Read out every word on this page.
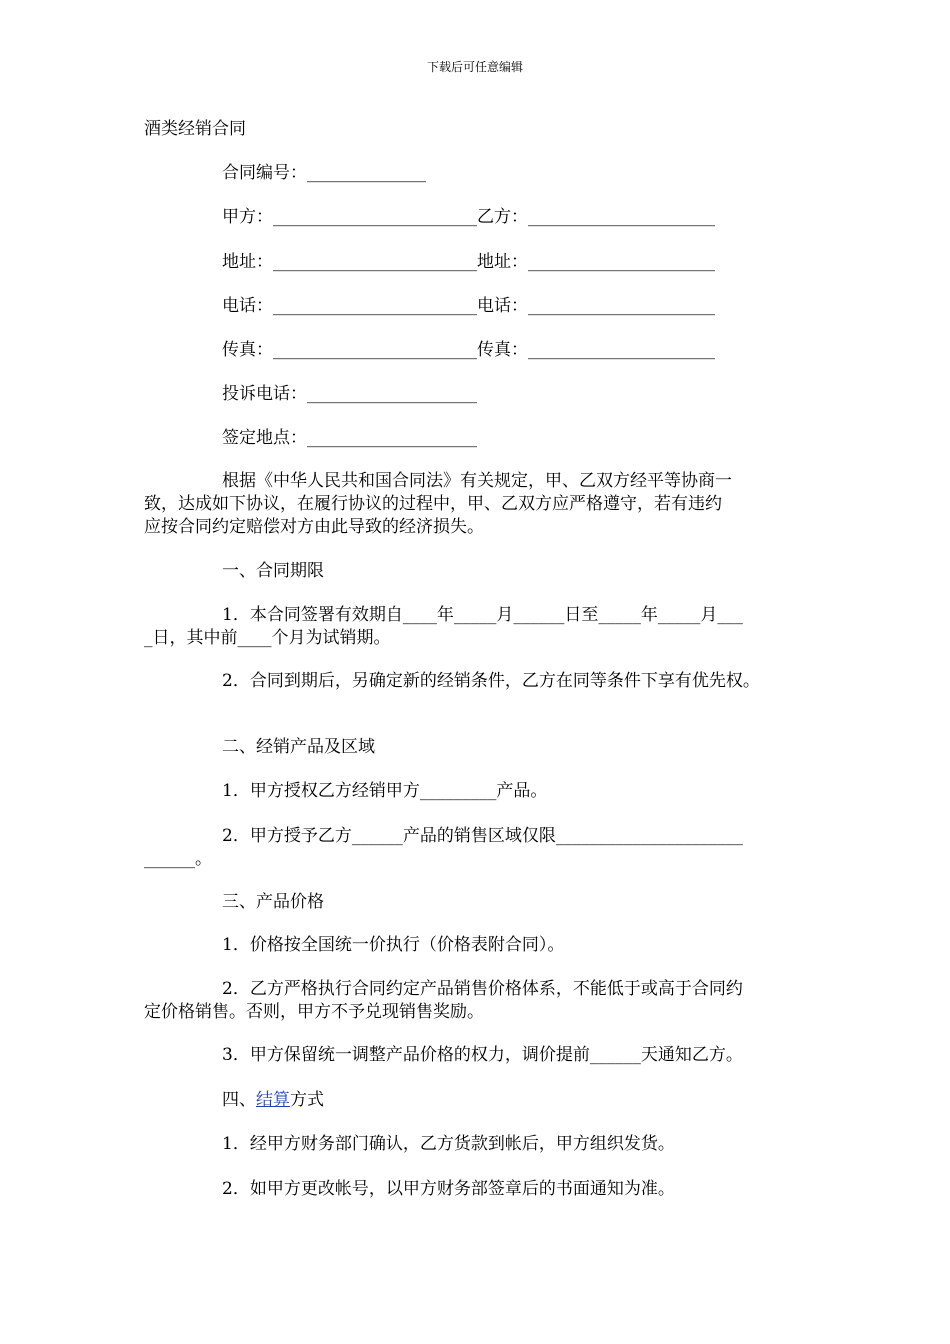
下载后可任意编辑
酒类经销合同
合同编号：______________
甲方：________________________乙方：______________________
地址：________________________地址：______________________
电话：________________________电话：______________________
传真：________________________传真：______________________
投诉电话：____________________
签定地点：____________________
根据《中华人民共和国合同法》有关规定，甲、乙双方经平等协商一
致，达成如下协议，在履行协议的过程中，甲、乙双方应严格遵守，若有违约
应按合同约定赔偿对方由此导致的经济损失。
一、合同期限
1．本合同签署有效期自____年_____月______日至_____年_____月___
_日，其中前____个月为试销期。
2．合同到期后，另确定新的经销条件，乙方在同等条件下享有优先权。
二、经销产品及区域
1．甲方授权乙方经销甲方_________产品。
2．甲方授予乙方______产品的销售区域仅限______________________
______。
三、产品价格
1．价格按全国统一价执行（价格表附合同）。
2．乙方严格执行合同约定产品销售价格体系，不能低于或高于合同约
定价格销售。否则，甲方不予兑现销售奖励。
3．甲方保留统一调整产品价格的权力，调价提前______天通知乙方。
四、结算方式
1．经甲方财务部门确认，乙方货款到帐后，甲方组织发货。
2．如甲方更改帐号，以甲方财务部签章后的书面通知为准。
